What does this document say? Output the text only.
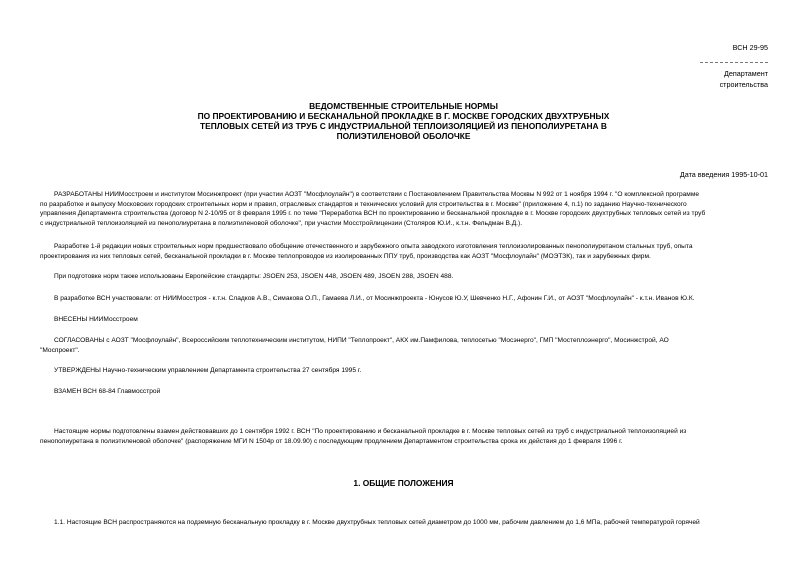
ВСН 29-95
Департамент
строительства
ВЕДОМСТВЕННЫЕ СТРОИТЕЛЬНЫЕ НОРМЫ
ПО ПРОЕКТИРОВАНИЮ И БЕСКАНАЛЬНОЙ ПРОКЛАДКЕ В Г. МОСКВЕ ГОРОДСКИХ ДВУХТРУБНЫХ
ТЕПЛОВЫХ СЕТЕЙ ИЗ ТРУБ С ИНДУСТРИАЛЬНОЙ ТЕПЛОИЗОЛЯЦИЕЙ ИЗ ПЕНОПОЛИУРЕТАНА В
ПОЛИЭТИЛЕНОВОЙ ОБОЛОЧКЕ
Дата введения 1995-10-01
РАЗРАБОТАНЫ НИИМосстроем и институтом Мосинжпроект (при участии АОЗТ "Мосфлоулайн") в соответствии с Постановлением Правительства Москвы N 992 от 1 ноября 1994 г. "О комплексной программе
по разработке и выпуску Московских городских строительных норм и правил, отраслевых стандартов и технических условий для строительства в г. Москве" (приложение 4, п.1) по заданию Научно-технического
управления Департамента строительства (договор N 2-10/95 от 8 февраля 1995 г. по теме "Переработка ВСН по проектированию и бесканальной прокладке в г. Москве городских двухтрубных тепловых сетей из труб
с индустриальной теплоизоляцией из пенополиуретана в полиэтиленовой оболочке", при участии Мосстройлицензии (Столяров Ю.И., к.т.н. Фельдман В.Д.).
Разработке 1-й редакции новых строительных норм предшествовало обобщение отечественного и зарубежного опыта заводского изготовления теплоизолированных пенополиуретаном стальных труб, опыта
проектирования из них тепловых сетей, бесканальной прокладки в г. Москве теплопроводов из изолированных ППУ труб, производства как АОЗТ "Мосфлоулайн" (МОЭТЗК), так и зарубежных фирм.
При подготовке норм также использованы Европейские стандарты: JSOEN 253, JSOEN 448, JSOEN 489, JSOEN 288, JSOEN 488.
В разработке ВСН участвовали: от НИИМосстроя - к.т.н. Сладков А.В., Симакова О.П., Гамаева Л.И., от Мосинжпроекта - Юнусов Ю.У, Шевченко Н.Г., Афонин Г.И., от АОЗТ "Мосфлоулайн" - к.т.н. Иванов Ю.К.
ВНЕСЕНЫ НИИМосстроем
СОГЛАСОВАНЫ с АОЗТ "Мосфлоулайн", Всероссийским теплотехническим институтом, НИПИ "Теплопроект", АКХ им.Памфилова, теплосетью "Мосэнерго", ГМП "Мостеплоэнерго", Мосинжстрой, АО
"Моспроект".
УТВЕРЖДЕНЫ Научно-техническим управлением Департамента строительства 27 сентября 1995 г.
ВЗАМЕН ВСН 68-84 Главмосстрой
Настоящие нормы подготовлены взамен действовавших до 1 сентября 1992 г. ВСН "По проектированию и бесканальной прокладке в г. Москве тепловых сетей из труб с индустриальной теплоизоляцией из
пенополиуретана в полиэтиленовой оболочке" (распоряжение МГИ N 1504р от 18.09.90) с последующим продлением Департаментом строительства срока их действия до 1 февраля 1996 г.
1. ОБЩИЕ ПОЛОЖЕНИЯ
1.1. Настоящие ВСН распространяются на подземную бесканальную прокладку в г. Москве двухтрубных тепловых сетей диаметром до 1000 мм, рабочим давлением до 1,6 МПа, рабочей температурой горячей
